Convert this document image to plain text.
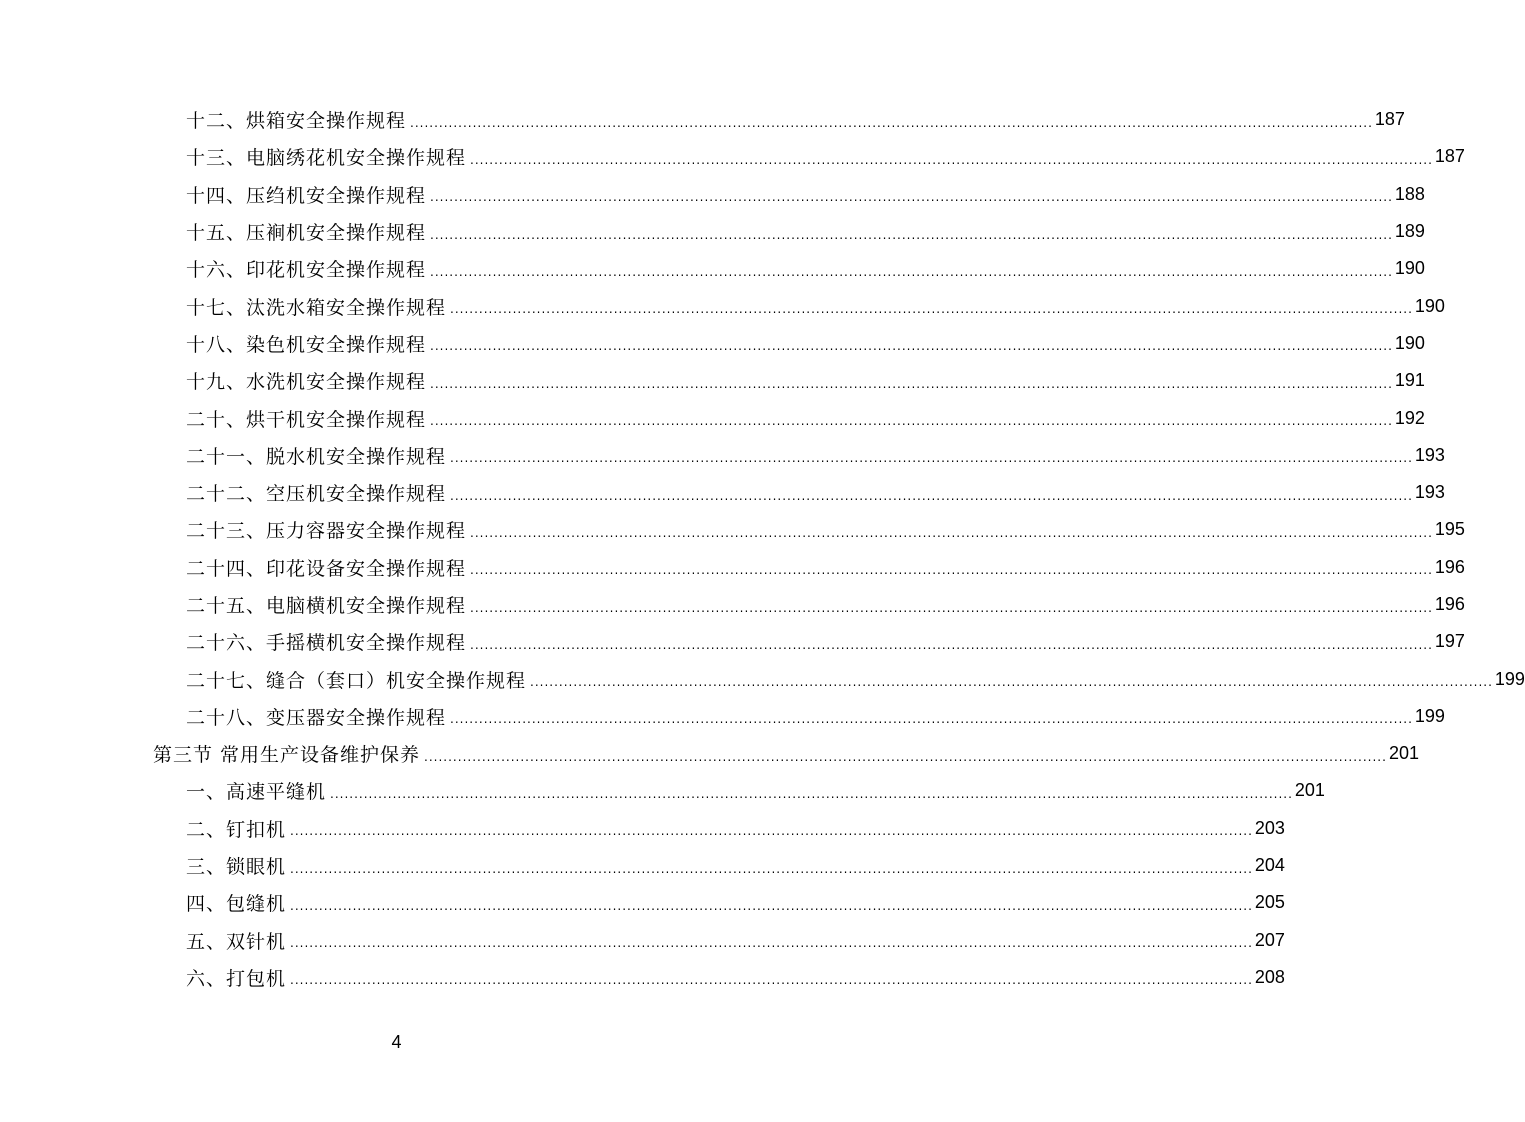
十二、烘箱安全操作规程 ........................................................................................................................................................................................................ 187
十三、电脑绣花机安全操作规程 ........................................................................................................................................................................................................ 187
十四、压绉机安全操作规程 ........................................................................................................................................................................................................ 188
十五、压裥机安全操作规程 ........................................................................................................................................................................................................ 189
十六、印花机安全操作规程 ........................................................................................................................................................................................................ 190
十七、汰洗水箱安全操作规程 ........................................................................................................................................................................................................ 190
十八、染色机安全操作规程 ........................................................................................................................................................................................................ 190
十九、水洗机安全操作规程 ........................................................................................................................................................................................................ 191
二十、烘干机安全操作规程 ........................................................................................................................................................................................................ 192
二十一、脱水机安全操作规程 ........................................................................................................................................................................................................ 193
二十二、空压机安全操作规程 ........................................................................................................................................................................................................ 193
二十三、压力容器安全操作规程 ........................................................................................................................................................................................................ 195
二十四、印花设备安全操作规程 ........................................................................................................................................................................................................ 196
二十五、电脑横机安全操作规程 ........................................................................................................................................................................................................ 196
二十六、手摇横机安全操作规程 ........................................................................................................................................................................................................ 197
二十七、缝合（套口）机安全操作规程 ........................................................................................................................................................................................................ 199
二十八、变压器安全操作规程 ........................................................................................................................................................................................................ 199
第三节 常用生产设备维护保养 ........................................................................................................................................................................................................ 201
一、高速平缝机 ........................................................................................................................................................................................................ 201
二、钉扣机 ........................................................................................................................................................................................................ 203
三、锁眼机 ........................................................................................................................................................................................................ 204
四、包缝机 ........................................................................................................................................................................................................ 205
五、双针机 ........................................................................................................................................................................................................ 207
六、打包机 ........................................................................................................................................................................................................ 208
4
